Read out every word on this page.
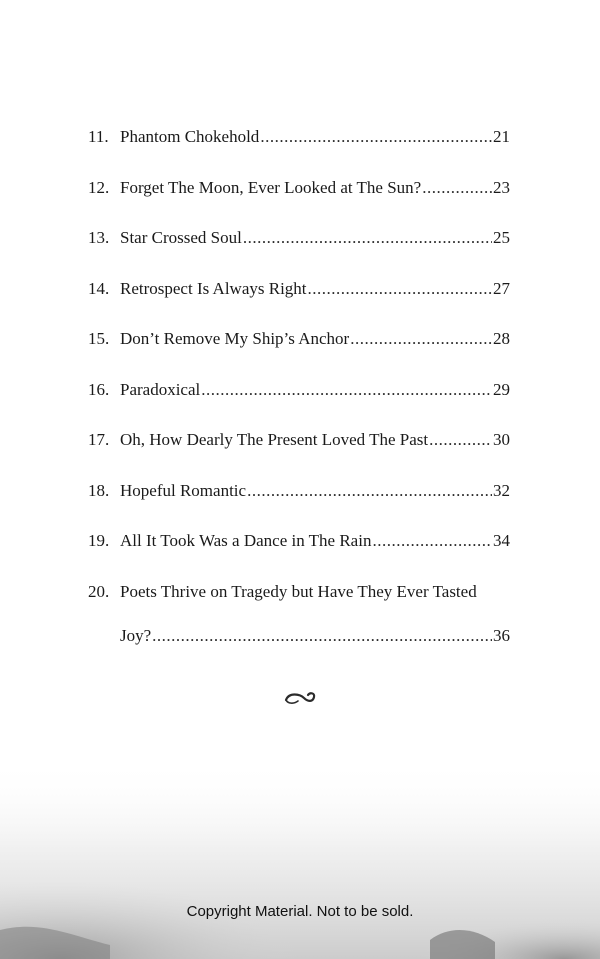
11. Phantom Chokehold .....	21
12. Forget The Moon, Ever Looked at The Sun? .....	23
13. Star Crossed Soul .....	25
14. Retrospect Is Always Right .....	27
15. Don’t Remove My Ship’s Anchor .....	28
16. Paradoxical .....	29
17. Oh, How Dearly The Present Loved The Past .....	30
18. Hopeful Romantic .....	32
19. All It Took Was a Dance in The Rain .....	34
20. Poets Thrive on Tragedy but Have They Ever Tasted
Joy? .....	36
Copyright Material. Not to be sold.
